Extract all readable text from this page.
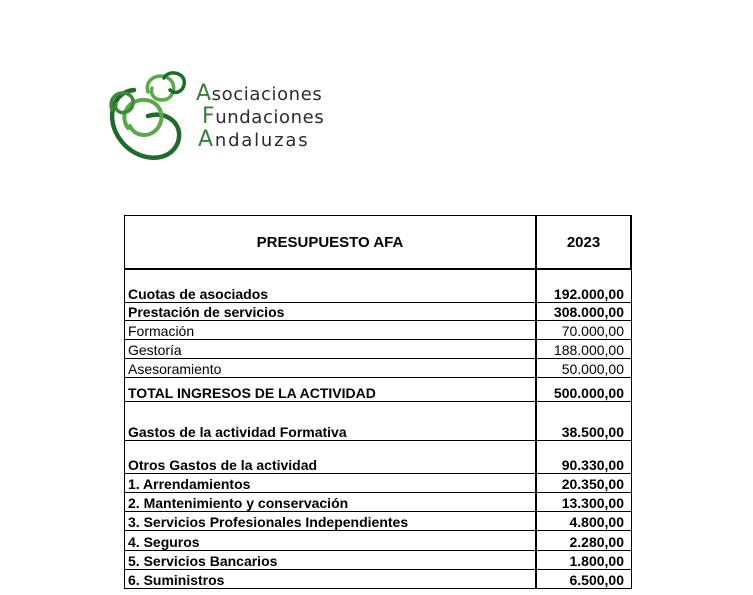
Asociaciones
Fundaciones
Andaluzas
PRESUPUESTO AFA	2023
Cuotas de asociados	192.000,00
Prestación de servicios	308.000,00
Formación	70.000,00
Gestoría	188.000,00
Asesoramiento	50.000,00
TOTAL INGRESOS DE LA ACTIVIDAD	500.000,00
Gastos de la actividad Formativa	38.500,00
Otros Gastos de la actividad	90.330,00
1. Arrendamientos	20.350,00
2. Mantenimiento y conservación	13.300,00
3. Servicios Profesionales Independientes	4.800,00
4. Seguros	2.280,00
5. Servicios Bancarios	1.800,00
6. Suministros	6.500,00
